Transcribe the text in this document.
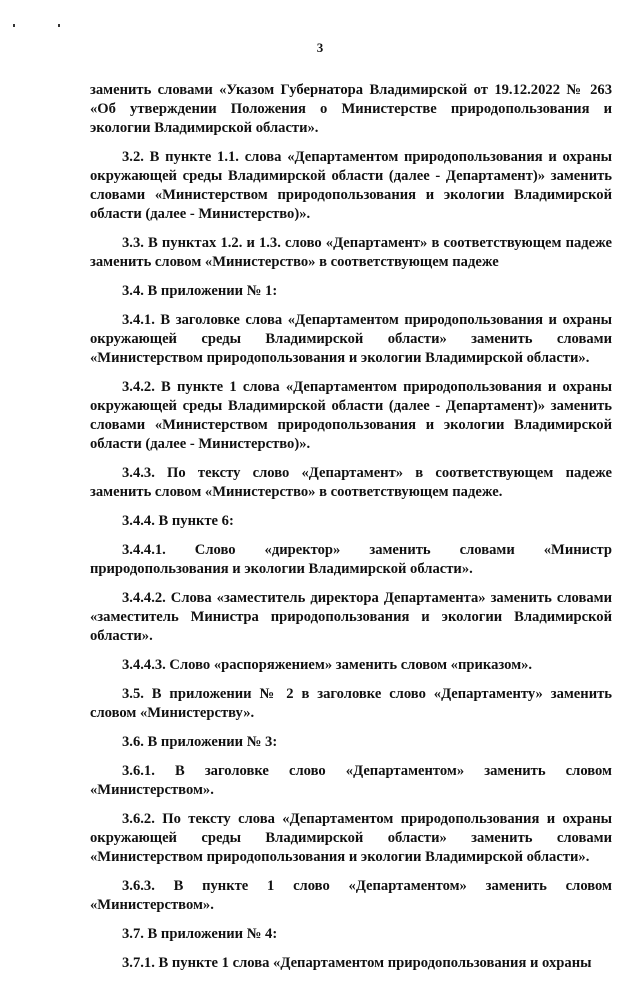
3

заменить словами «Указом Губернатора Владимирской от 19.12.2022 № 263 «Об утверждении Положения о Министерстве природопользования и экологии Владимирской области».

3.2. В пункте 1.1. слова «Департаментом природопользования и охраны окружающей среды Владимирской области (далее - Департамент)» заменить словами «Министерством природопользования и экологии Владимирской области (далее - Министерство)».

3.3. В пунктах 1.2. и 1.3. слово «Департамент» в соответствующем падеже заменить словом «Министерство» в соответствующем падеже

3.4. В приложении № 1:

3.4.1. В заголовке слова «Департаментом природопользования и охраны окружающей среды Владимирской области» заменить словами «Министерством природопользования и экологии Владимирской области».

3.4.2. В пункте 1 слова «Департаментом природопользования и охраны окружающей среды Владимирской области (далее - Департамент)» заменить словами «Министерством природопользования и экологии Владимирской области (далее - Министерство)».

3.4.3. По тексту слово «Департамент» в соответствующем падеже заменить словом «Министерство» в соответствующем падеже.

3.4.4. В пункте 6:

3.4.4.1. Слово «директор» заменить словами «Министр природопользования и экологии Владимирской области».

3.4.4.2. Слова «заместитель директора Департамента» заменить словами «заместитель Министра природопользования и экологии Владимирской области».

3.4.4.3. Слово «распоряжением» заменить словом «приказом».

3.5. В приложении № 2 в заголовке слово «Департаменту» заменить словом «Министерству».

3.6. В приложении № 3:

3.6.1. В заголовке слово «Департаментом» заменить словом «Министерством».

3.6.2. По тексту слова «Департаментом природопользования и охраны окружающей среды Владимирской области» заменить словами «Министерством природопользования и экологии Владимирской области».

3.6.3. В пункте 1 слово «Департаментом» заменить словом «Министерством».

3.7. В приложении № 4:

3.7.1. В пункте 1 слова «Департаментом природопользования и охраны
